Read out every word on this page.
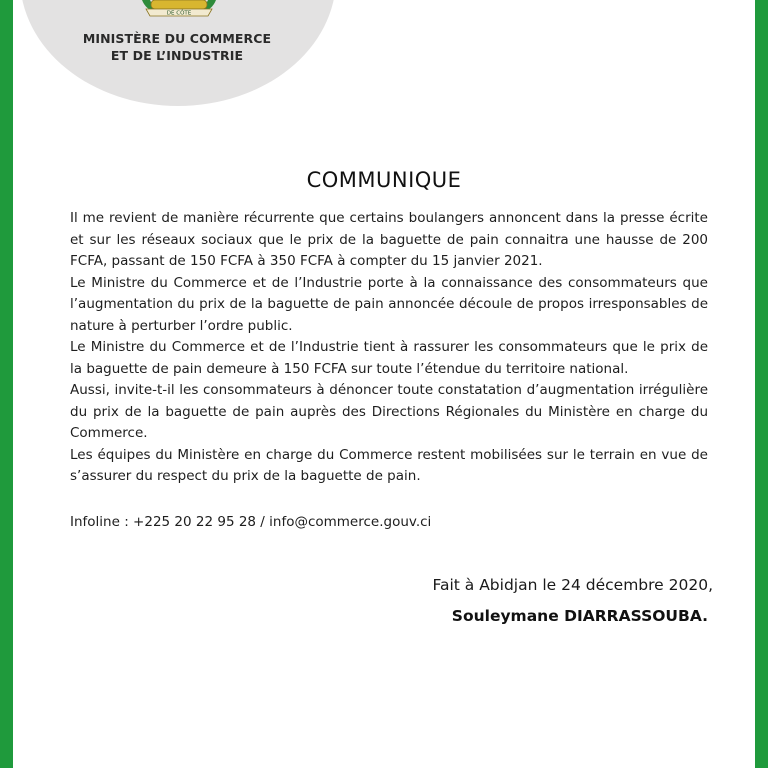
DE CÔTE
MINISTÈRE DU COMMERCE
ET DE L’INDUSTRIE
COMMUNIQUE

Il me revient de manière récurrente que certains boulangers annoncent dans la presse écrite et sur les réseaux sociaux que le prix de la baguette de pain connaitra une hausse de 200 FCFA, passant de 150 FCFA à 350 FCFA à compter du 15 janvier 2021.

Le Ministre du Commerce et de l’Industrie porte à la connaissance des consommateurs que l’augmentation du prix de la baguette de pain annoncée découle de propos irresponsables de nature à perturber l’ordre public.

Le Ministre du Commerce et de l’Industrie tient à rassurer les consommateurs que le prix de la baguette de pain demeure à 150 FCFA sur toute l’étendue du territoire national.

Aussi, invite-t-il les consommateurs à dénoncer toute constatation d’augmentation irrégulière du prix de la baguette de pain auprès des Directions Régionales du Ministère en charge du Commerce.

Les équipes du Ministère en charge du Commerce restent mobilisées sur le terrain en vue de s’assurer du respect du prix de la baguette de pain.

Infoline : +225 20 22 95 28 / info@commerce.gouv.ci
Fait à Abidjan le 24 décembre 2020,
Souleymane DIARRASSOUBA.
